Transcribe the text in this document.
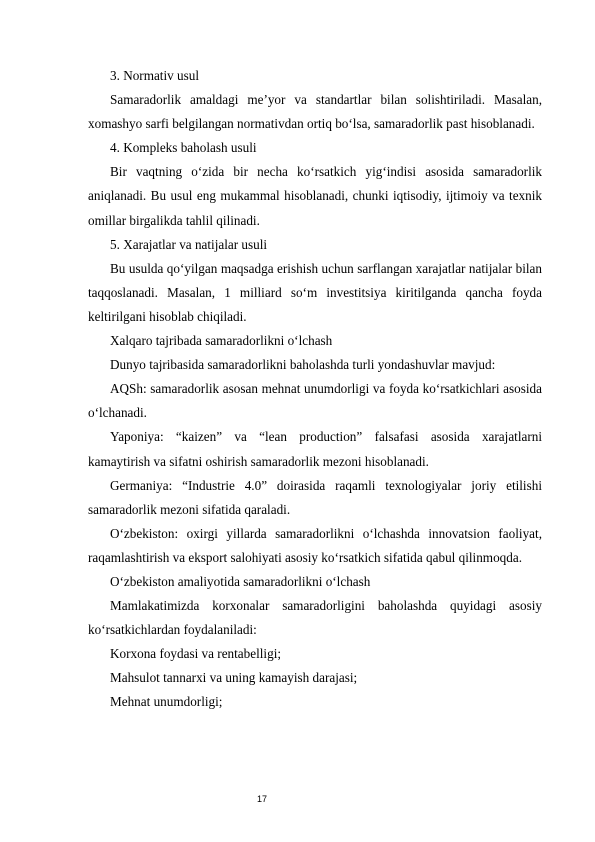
3. Normativ usul

Samaradorlik amaldagi me’yor va standartlar bilan solishtiriladi. Masalan, xomashyo sarfi belgilangan normativdan ortiq bo‘lsa, samaradorlik past hisoblanadi.

4. Kompleks baholash usuli

Bir vaqtning o‘zida bir necha ko‘rsatkich yig‘indisi asosida samaradorlik aniqlanadi. Bu usul eng mukammal hisoblanadi, chunki iqtisodiy, ijtimoiy va texnik omillar birgalikda tahlil qilinadi.

5. Xarajatlar va natijalar usuli

Bu usulda qo‘yilgan maqsadga erishish uchun sarflangan xarajatlar natijalar bilan taqqoslanadi. Masalan, 1 milliard so‘m investitsiya kiritilganda qancha foyda keltirilgani hisoblab chiqiladi.

Xalqaro tajribada samaradorlikni o‘lchash

Dunyo tajribasida samaradorlikni baholashda turli yondashuvlar mavjud:

AQSh: samaradorlik asosan mehnat unumdorligi va foyda ko‘rsatkichlari asosida o‘lchanadi.

Yaponiya: “kaizen” va “lean production” falsafasi asosida xarajatlarni kamaytirish va sifatni oshirish samaradorlik mezoni hisoblanadi.

Germaniya: “Industrie 4.0” doirasida raqamli texnologiyalar joriy etilishi samaradorlik mezoni sifatida qaraladi.

O‘zbekiston: oxirgi yillarda samaradorlikni o‘lchashda innovatsion faoliyat, raqamlashtirish va eksport salohiyati asosiy ko‘rsatkich sifatida qabul qilinmoqda.

O‘zbekiston amaliyotida samaradorlikni o‘lchash

Mamlakatimizda korxonalar samaradorligini baholashda quyidagi asosiy ko‘rsatkichlardan foydalaniladi:

Korxona foydasi va rentabelligi;

Mahsulot tannarxi va uning kamayish darajasi;

Mehnat unumdorligi;

17
